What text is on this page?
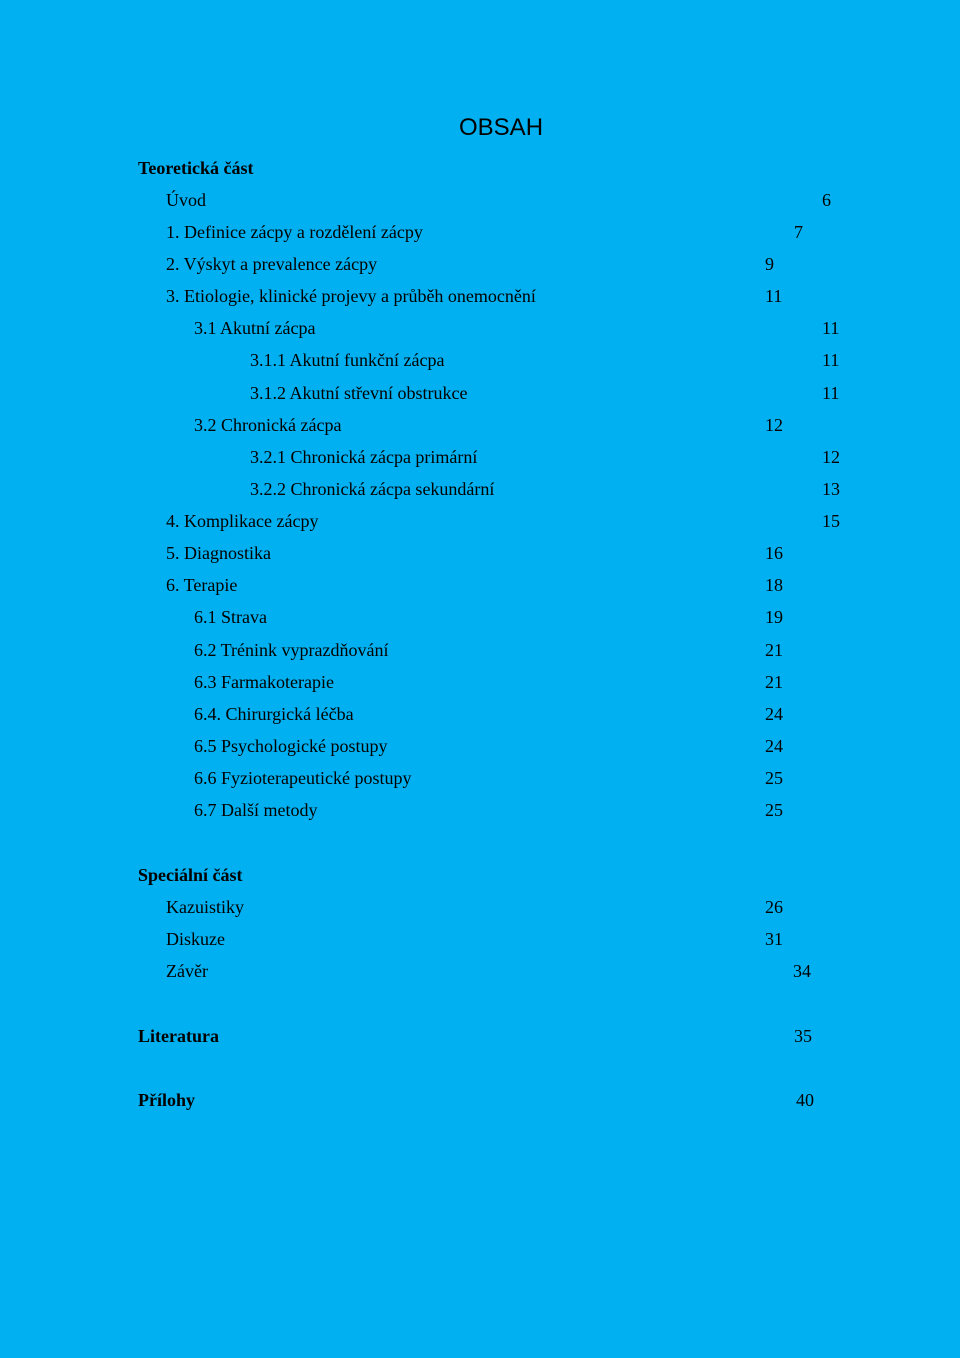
OBSAH
Teoretická část
Úvod	6
1. Definice zácpy a rozdělení zácpy	7
2. Výskyt a prevalence zácpy	9
3. Etiologie, klinické projevy a průběh onemocnění	11
3.1 Akutní zácpa	11
3.1.1 Akutní funkční zácpa	11
3.1.2 Akutní střevní obstrukce	11
3.2 Chronická zácpa	12
3.2.1 Chronická zácpa primární	12
3.2.2 Chronická zácpa sekundární	13
4. Komplikace zácpy	15
5. Diagnostika	16
6. Terapie	18
6.1 Strava	19
6.2 Trénink vyprazdňování	21
6.3 Farmakoterapie	21
6.4. Chirurgická léčba	24
6.5 Psychologické postupy	24
6.6 Fyzioterapeutické postupy	25
6.7 Další metody	25
Speciální část
Kazuistiky	26
Diskuze	31
Závěr	34
Literatura	35
Přílohy	40
